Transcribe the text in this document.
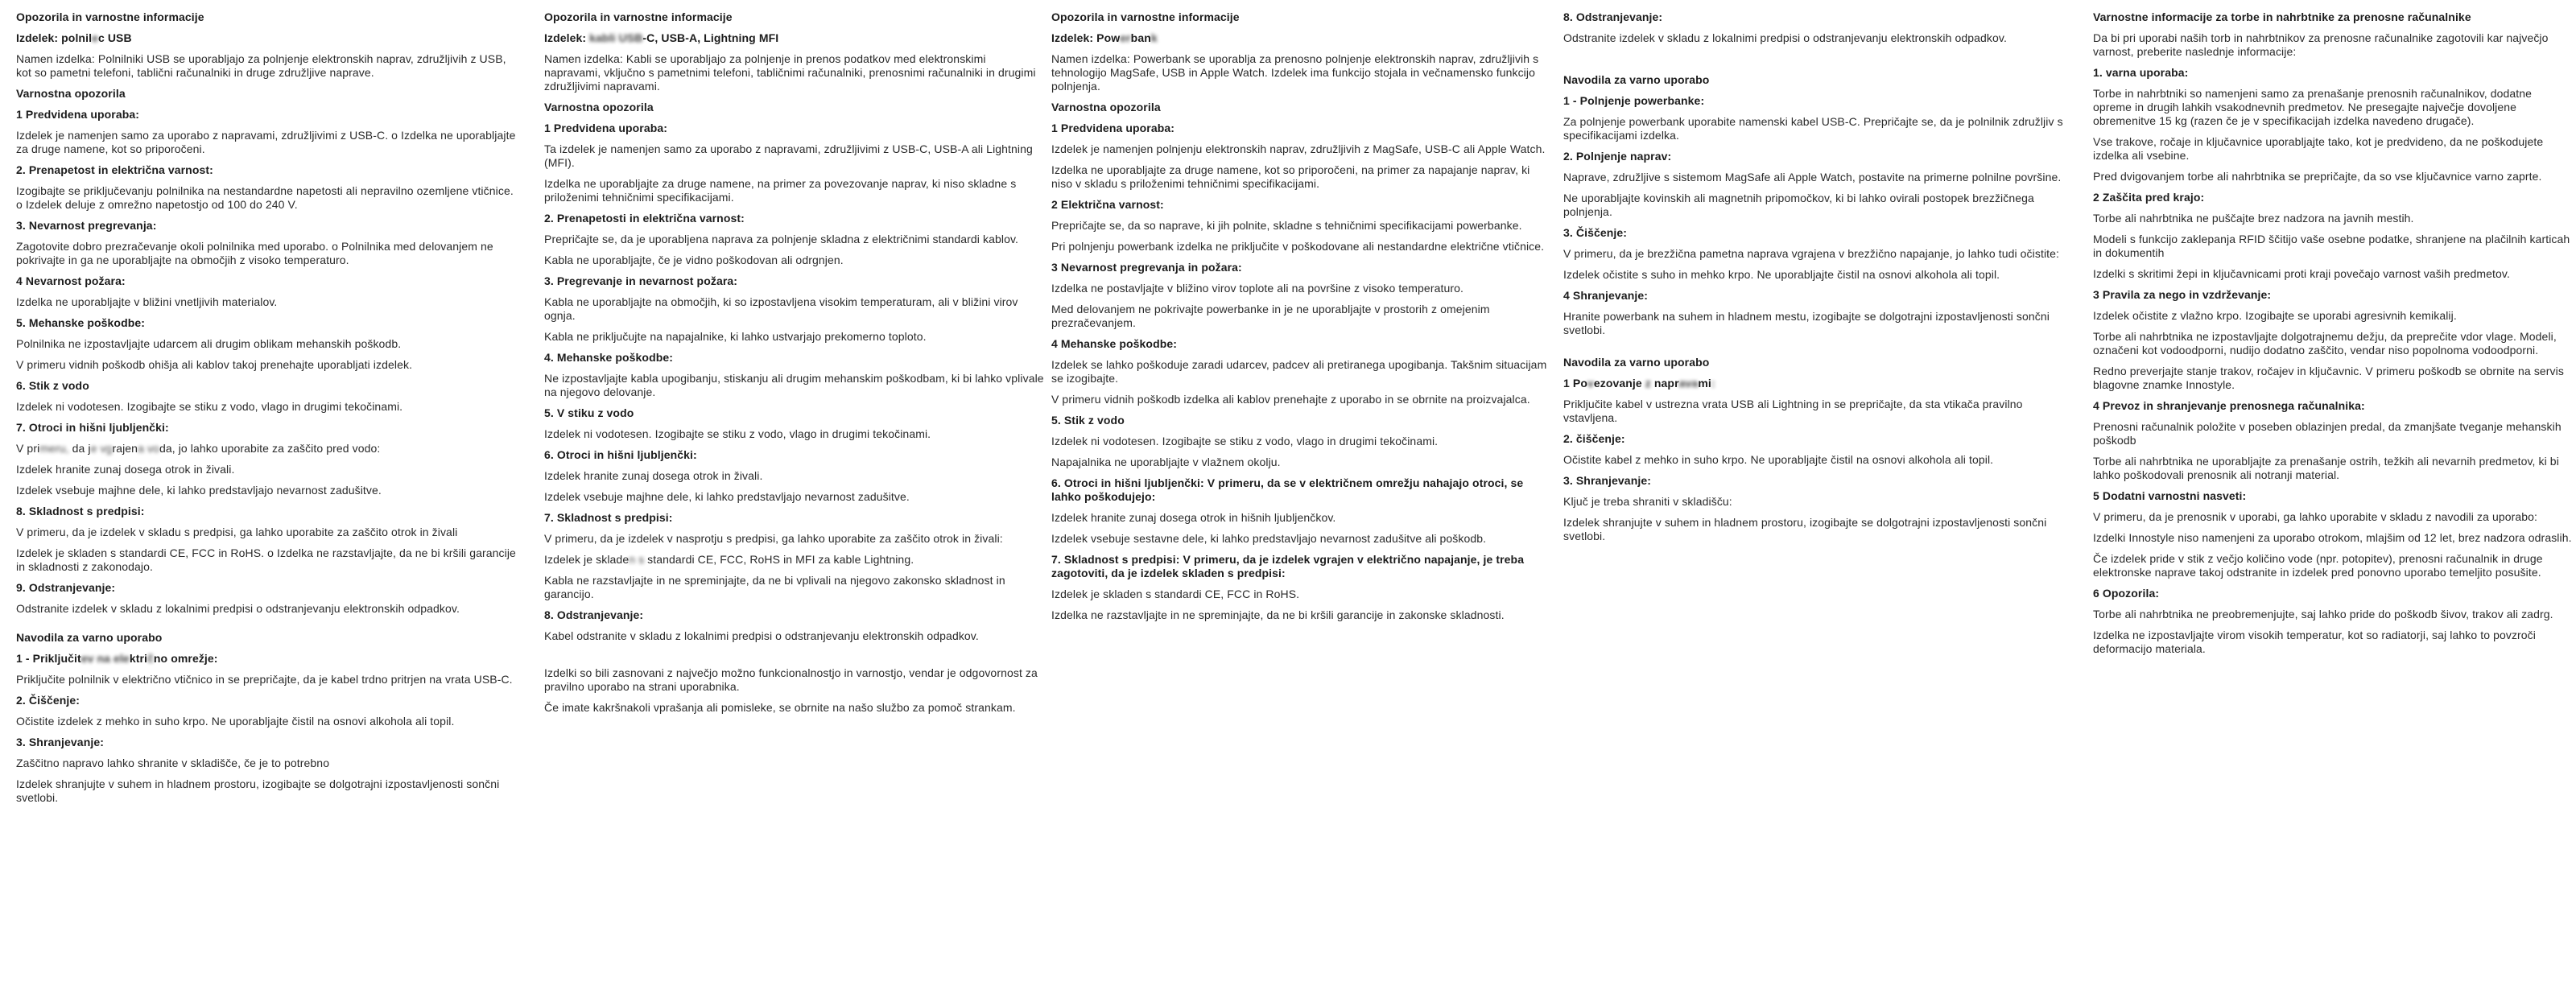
Opozorila in varnostne informacije
Izdelek: polnilec USB
Namen izdelka: Polnilniki USB se uporabljajo za polnjenje elektronskih naprav, združljivih z USB, kot so pametni telefoni, tablični računalniki in druge združljive naprave.
Varnostna opozorila
1 Predvidena uporaba:
Izdelek je namenjen samo za uporabo z napravami, združljivimi z USB-C. o Izdelka ne uporabljajte za druge namene, kot so priporočeni.
2. Prenapetost in električna varnost:
Izogibajte se priključevanju polnilnika na nestandardne napetosti ali nepravilno ozemljene vtičnice. o Izdelek deluje z omrežno napetostjo od 100 do 240 V.
3. Nevarnost pregrevanja:
Zagotovite dobro prezračevanje okoli polnilnika med uporabo. o Polnilnika med delovanjem ne pokrivajte in ga ne uporabljajte na območjih z visoko temperaturo.
4 Nevarnost požara:
Izdelka ne uporabljajte v bližini vnetljivih materialov.
5. Mehanske poškodbe:
Polnilnika ne izpostavljajte udarcem ali drugim oblikam mehanskih poškodb.
V primeru vidnih poškodb ohišja ali kablov takoj prenehajte uporabljati izdelek.
6. Stik z vodo
Izdelek ni vodotesen. Izogibajte se stiku z vodo, vlago in drugimi tekočinami.
7. Otroci in hišni ljubljenčki:
V primeru, da je vgrajena voda, jo lahko uporabite za zaščito pred vodo:
Izdelek hranite zunaj dosega otrok in živali.
Izdelek vsebuje majhne dele, ki lahko predstavljajo nevarnost zadušitve.
8. Skladnost s predpisi:
V primeru, da je izdelek v skladu s predpisi, ga lahko uporabite za zaščito otrok in živali
Izdelek je skladen s standardi CE, FCC in RoHS. o Izdelka ne razstavljajte, da ne bi kršili garancije in skladnosti z zakonodajo.
9. Odstranjevanje:
Odstranite izdelek v skladu z lokalnimi predpisi o odstranjevanju elektronskih odpadkov.
Navodila za varno uporabo
1 - Priključitev na električno omrežje:
Priključite polnilnik v električno vtičnico in se prepričajte, da je kabel trdno pritrjen na vrata USB-C.
2. Čiščenje:
Očistite izdelek z mehko in suho krpo. Ne uporabljajte čistil na osnovi alkohola ali topil.
3. Shranjevanje:
Zaščitno napravo lahko shranite v skladišče, če je to potrebno
Izdelek shranjujte v suhem in hladnem prostoru, izogibajte se dolgotrajni izpostavljenosti sončni svetlobi.
Opozorila in varnostne informacije
Izdelek: kabli USB-C, USB-A, Lightning MFI
Namen izdelka: Kabli se uporabljajo za polnjenje in prenos podatkov med elektronskimi napravami, vključno s pametnimi telefoni, tabličnimi računalniki, prenosnimi računalniki in drugimi združljivimi napravami.
Varnostna opozorila
1 Predvidena uporaba:
Ta izdelek je namenjen samo za uporabo z napravami, združljivimi z USB-C, USB-A ali Lightning (MFI).
Izdelka ne uporabljajte za druge namene, na primer za povezovanje naprav, ki niso skladne s priloženimi tehničnimi specifikacijami.
2. Prenapetosti in električna varnost:
Prepričajte se, da je uporabljena naprava za polnjenje skladna z električnimi standardi kablov.
Kabla ne uporabljajte, če je vidno poškodovan ali odrgnjen.
3. Pregrevanje in nevarnost požara:
Kabla ne uporabljajte na območjih, ki so izpostavljena visokim temperaturam, ali v bližini virov ognja.
Kabla ne priključujte na napajalnike, ki lahko ustvarjajo prekomerno toploto.
4. Mehanske poškodbe:
Ne izpostavljajte kabla upogibanju, stiskanju ali drugim mehanskim poškodbam, ki bi lahko vplivale na njegovo delovanje.
5. V stiku z vodo
Izdelek ni vodotesen. Izogibajte se stiku z vodo, vlago in drugimi tekočinami.
6. Otroci in hišni ljubljenčki:
Izdelek hranite zunaj dosega otrok in živali.
Izdelek vsebuje majhne dele, ki lahko predstavljajo nevarnost zadušitve.
7. Skladnost s predpisi:
V primeru, da je izdelek v nasprotju s predpisi, ga lahko uporabite za zaščito otrok in živali:
Izdelek je skladen s standardi CE, FCC, RoHS in MFI za kable Lightning.
Kabla ne razstavljajte in ne spreminjajte, da ne bi vplivali na njegovo zakonsko skladnost in garancijo.
8. Odstranjevanje:
Kabel odstranite v skladu z lokalnimi predpisi o odstranjevanju elektronskih odpadkov.
Izdelki so bili zasnovani z največjo možno funkcionalnostjo in varnostjo, vendar je odgovornost za pravilno uporabo na strani uporabnika.
Če imate kakršnakoli vprašanja ali pomisleke, se obrnite na našo službo za pomoč strankam.
Opozorila in varnostne informacije
Izdelek: Powerbank
Namen izdelka: Powerbank se uporablja za prenosno polnjenje elektronskih naprav, združljivih s tehnologijo MagSafe, USB in Apple Watch. Izdelek ima funkcijo stojala in večnamensko funkcijo polnjenja.
Varnostna opozorila
1 Predvidena uporaba:
Izdelek je namenjen polnjenju elektronskih naprav, združljivih z MagSafe, USB-C ali Apple Watch.
Izdelka ne uporabljajte za druge namene, kot so priporočeni, na primer za napajanje naprav, ki niso v skladu s priloženimi tehničnimi specifikacijami.
2 Električna varnost:
Prepričajte se, da so naprave, ki jih polnite, skladne s tehničnimi specifikacijami powerbanke.
Pri polnjenju powerbank izdelka ne priključite v poškodovane ali nestandardne električne vtičnice.
3 Nevarnost pregrevanja in požara:
Izdelka ne postavljajte v bližino virov toplote ali na površine z visoko temperaturo.
Med delovanjem ne pokrivajte powerbanke in je ne uporabljajte v prostorih z omejenim prezračevanjem.
4 Mehanske poškodbe:
Izdelek se lahko poškoduje zaradi udarcev, padcev ali pretiranega upogibanja. Takšnim situacijam se izogibajte.
V primeru vidnih poškodb izdelka ali kablov prenehajte z uporabo in se obrnite na proizvajalca.
5. Stik z vodo
Izdelek ni vodotesen. Izogibajte se stiku z vodo, vlago in drugimi tekočinami.
Napajalnika ne uporabljajte v vlažnem okolju.
6. Otroci in hišni ljubljenčki: V primeru, da se v električnem omrežju nahajajo otroci, se lahko poškodujejo:
Izdelek hranite zunaj dosega otrok in hišnih ljubljenčkov.
Izdelek vsebuje sestavne dele, ki lahko predstavljajo nevarnost zadušitve ali poškodb.
7. Skladnost s predpisi: V primeru, da je izdelek vgrajen v električno napajanje, je treba zagotoviti, da je izdelek skladen s predpisi:
Izdelek je skladen s standardi CE, FCC in RoHS.
Izdelka ne razstavljajte in ne spreminjajte, da ne bi kršili garancije in zakonske skladnosti.
8. Odstranjevanje:
Odstranite izdelek v skladu z lokalnimi predpisi o odstranjevanju elektronskih odpadkov.
Navodila za varno uporabo
1 - Polnjenje powerbanke:
Za polnjenje powerbank uporabite namenski kabel USB-C. Prepričajte se, da je polnilnik združljiv s specifikacijami izdelka.
2. Polnjenje naprav:
Naprave, združljive s sistemom MagSafe ali Apple Watch, postavite na primerne polnilne površine.
Ne uporabljajte kovinskih ali magnetnih pripomočkov, ki bi lahko ovirali postopek brezžičnega polnjenja.
3. Čiščenje:
V primeru, da je brezžična pametna naprava vgrajena v brezžično napajanje, jo lahko tudi očistite:
Izdelek očistite s suho in mehko krpo. Ne uporabljajte čistil na osnovi alkohola ali topil.
4 Shranjevanje:
Hranite powerbank na suhem in hladnem mestu, izogibajte se dolgotrajni izpostavljenosti sončni svetlobi.
Navodila za varno uporabo
1 Povezovanje z napravami:
Priključite kabel v ustrezna vrata USB ali Lightning in se prepričajte, da sta vtikača pravilno vstavljena.
2. čiščenje:
Očistite kabel z mehko in suho krpo. Ne uporabljajte čistil na osnovi alkohola ali topil.
3. Shranjevanje:
Ključ je treba shraniti v skladišču:
Izdelek shranjujte v suhem in hladnem prostoru, izogibajte se dolgotrajni izpostavljenosti sončni svetlobi.
Varnostne informacije za torbe in nahrbtnike za prenosne računalnike
Da bi pri uporabi naših torb in nahrbtnikov za prenosne računalnike zagotovili kar največjo varnost, preberite naslednje informacije:
1. varna uporaba:
Torbe in nahrbtniki so namenjeni samo za prenašanje prenosnih računalnikov, dodatne opreme in drugih lahkih vsakodnevnih predmetov. Ne presegajte največje dovoljene obremenitve 15 kg (razen če je v specifikacijah izdelka navedeno drugače).
Vse trakove, ročaje in ključavnice uporabljajte tako, kot je predvideno, da ne poškodujete izdelka ali vsebine.
Pred dvigovanjem torbe ali nahrbtnika se prepričajte, da so vse ključavnice varno zaprte.
2 Zaščita pred krajo:
Torbe ali nahrbtnika ne puščajte brez nadzora na javnih mestih.
Modeli s funkcijo zaklepanja RFID ščitijo vaše osebne podatke, shranjene na plačilnih karticah in dokumentih
Izdelki s skritimi žepi in ključavnicami proti kraji povečajo varnost vaših predmetov.
3 Pravila za nego in vzdrževanje:
Izdelek očistite z vlažno krpo. Izogibajte se uporabi agresivnih kemikalij.
Torbe ali nahrbtnika ne izpostavljajte dolgotrajnemu dežju, da preprečite vdor vlage. Modeli, označeni kot vodoodporni, nudijo dodatno zaščito, vendar niso popolnoma vodoodporni.
Redno preverjajte stanje trakov, ročajev in ključavnic. V primeru poškodb se obrnite na servis blagovne znamke Innostyle.
4 Prevoz in shranjevanje prenosnega računalnika:
Prenosni računalnik položite v poseben oblazinjen predal, da zmanjšate tveganje mehanskih poškodb
Torbe ali nahrbtnika ne uporabljajte za prenašanje ostrih, težkih ali nevarnih predmetov, ki bi lahko poškodovali prenosnik ali notranji material.
5 Dodatni varnostni nasveti:
V primeru, da je prenosnik v uporabi, ga lahko uporabite v skladu z navodili za uporabo:
Izdelki Innostyle niso namenjeni za uporabo otrokom, mlajšim od 12 let, brez nadzora odraslih.
Če izdelek pride v stik z večjo količino vode (npr. potopitev), prenosni računalnik in druge elektronske naprave takoj odstranite in izdelek pred ponovno uporabo temeljito posušite.
6 Opozorila:
Torbe ali nahrbtnika ne preobremenjujte, saj lahko pride do poškodb šivov, trakov ali zadrg.
Izdelka ne izpostavljajte virom visokih temperatur, kot so radiatorji, saj lahko to povzroči deformacijo materiala.
